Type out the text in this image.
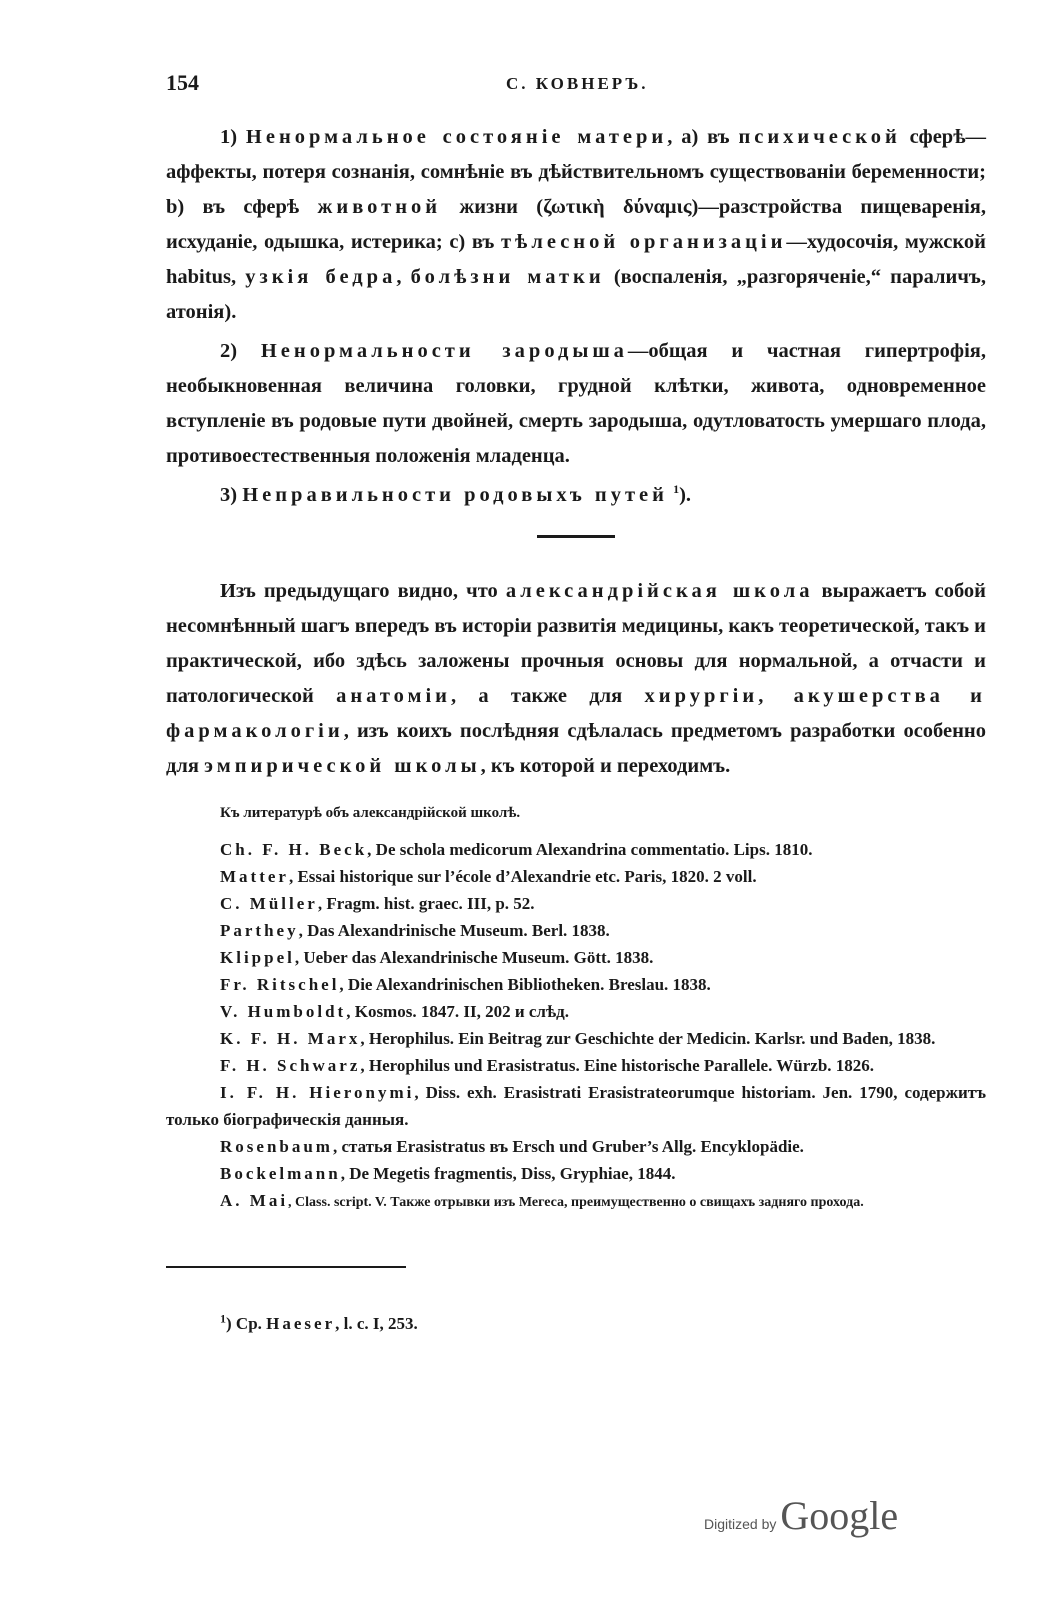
154	С. КОВНЕРЪ.

1) Ненормальное состояніе матери, а) въ психической сферѣ—аффекты, потеря сознанія, сомнѣніе въ дѣйствительномъ существованіи беременности; b) въ сферѣ животной жизни (ζωτικὴ δύναμις)—разстройства пищеваренія, исхуданіе, одышка, истерика; с) въ тѣлесной организаціи—худосочія, мужской habitus, узкія бедра, болѣзни матки (воспаленія, „разгоряченіе,“ параличъ, атонія).

2) Ненормальности зародыша—общая и частная гипертрофія, необыкновенная величина головки, грудной клѣтки, живота, одновременное вступленіе въ родовые пути двойней, смерть зародыша, одутловатость умершаго плода, противоестественныя положенія младенца.

3) Неправильности родовыхъ путей $^1$).

Изъ предыдущаго видно, что александрійская школа выражаетъ собой несомнѣнный шагъ впередъ въ исторіи развитія медицины, какъ теоретической, такъ и практической, ибо здѣсь заложены прочныя основы для нормальной, а отчасти и патологической анатоміи, а также для хирургіи, акушерства и фармакологіи, изъ коихъ послѣдняя сдѣлалась предметомъ разработки особенно для эмпирической школы, къ которой и переходимъ.

Къ литературѣ объ александрійской школѣ.

Ch. F. H. Beck, De schola medicorum Alexandrina commentatio. Lips. 1810.

Matter, Essai historique sur l’école d’Alexandrie etc. Paris, 1820. 2 voll.

C. Müller, Fragm. hist. graec. III, p. 52.

Parthey, Das Alexandrinische Museum. Berl. 1838.

Klippel, Ueber das Alexandrinische Museum. Gött. 1838.

Fr. Ritschel, Die Alexandrinischen Bibliotheken. Breslau. 1838.

V. Humboldt, Kosmos. 1847. II, 202 и слѣд.

K. F. H. Marx, Herophilus. Ein Beitrag zur Geschichte der Medicin. Karlsr. und Baden, 1838.

F. H. Schwarz, Herophilus und Erasistratus. Eine historische Parallele. Würzb. 1826.

I. F. H. Hieronymi, Diss. exh. Erasistrati Erasistrateorumque historiam. Jen. 1790, содержитъ только біографическія данныя.

Rosenbaum, статья Erasistratus въ Ersch und Gruber’s Allg. Encyklopädie.

Bockelmann, De Megetis fragmentis, Diss, Gryphiae, 1844.

A. Mai, Class. script. V. Также отрывки изъ Мегеса, преимущественно о свищахъ задняго прохода.

$^1$) Ср. Haeser, l. c. I, 253.
Digitized by Google
